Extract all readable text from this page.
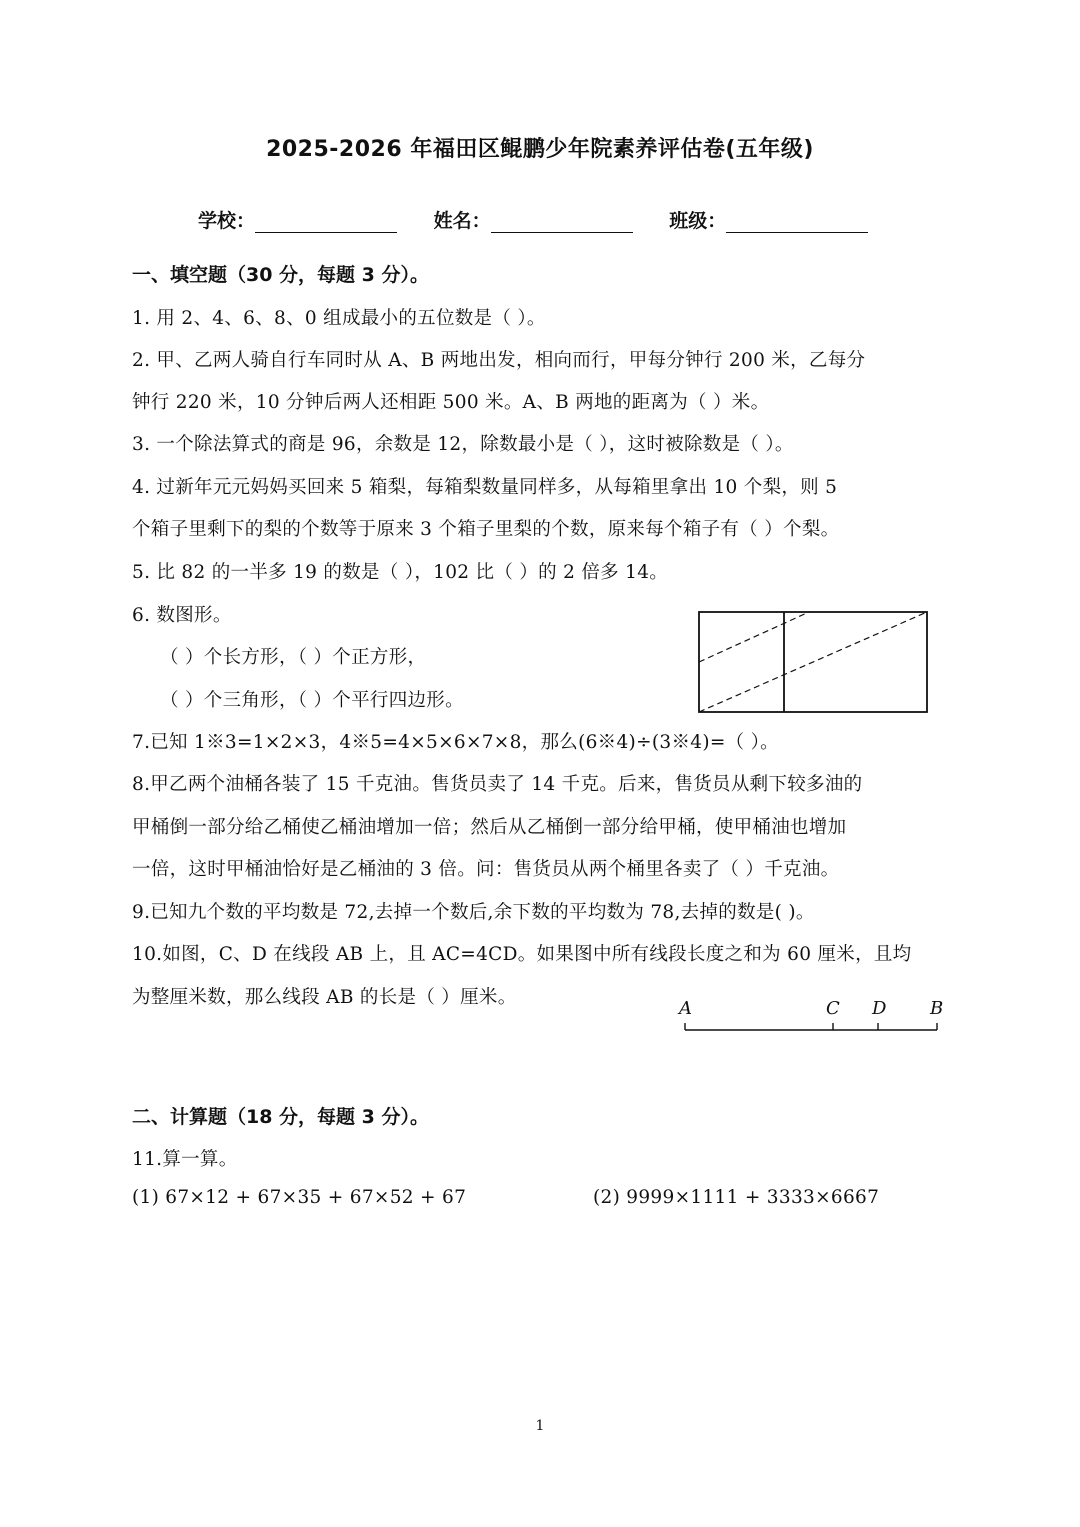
2025-2026 年福田区鲲鹏少年院素养评估卷(五年级)
学校：	姓名：	班级：
一、填空题（30 分，每题 3 分）。
1. 用 2、4、6、8、0 组成最小的五位数是（ ）。
2. 甲、乙两人骑自行车同时从 A、B 两地出发，相向而行，甲每分钟行 200 米，乙每分
钟行 220 米，10 分钟后两人还相距 500 米。A、B 两地的距离为（ ）米。
3. 一个除法算式的商是 96，余数是 12，除数最小是（ ），这时被除数是（ ）。
4. 过新年元元妈妈买回来 5 箱梨，每箱梨数量同样多，从每箱里拿出 10 个梨，则 5
个箱子里剩下的梨的个数等于原来 3 个箱子里梨的个数，原来每个箱子有（ ）个梨。
5. 比 82 的一半多 19 的数是（ ），102 比（ ）的 2 倍多 14。
6. 数图形。
（ ）个长方形，（ ）个正方形，
（ ）个三角形，（ ）个平行四边形。
7.已知 1※3=1×2×3，4※5=4×5×6×7×8，那么(6※4)÷(3※4)=（ ）。
8.甲乙两个油桶各装了 15 千克油。售货员卖了 14 千克。后来，售货员从剩下较多油的
甲桶倒一部分给乙桶使乙桶油增加一倍；然后从乙桶倒一部分给甲桶，使甲桶油也增加
一倍，这时甲桶油恰好是乙桶油的 3 倍。问：售货员从两个桶里各卖了（ ）千克油。
9.已知九个数的平均数是 72,去掉一个数后,余下数的平均数为 78,去掉的数是( )。
10.如图，C、D 在线段 AB 上，且 AC=4CD。如果图中所有线段长度之和为 60 厘米，且均
为整厘米数，那么线段 AB 的长是（ ）厘米。
A	C D B
二、计算题（18 分，每题 3 分）。
11.算一算。
(1) 67×12 + 67×35 + 67×52 + 67	(2) 9999×1111 + 3333×6667
1
